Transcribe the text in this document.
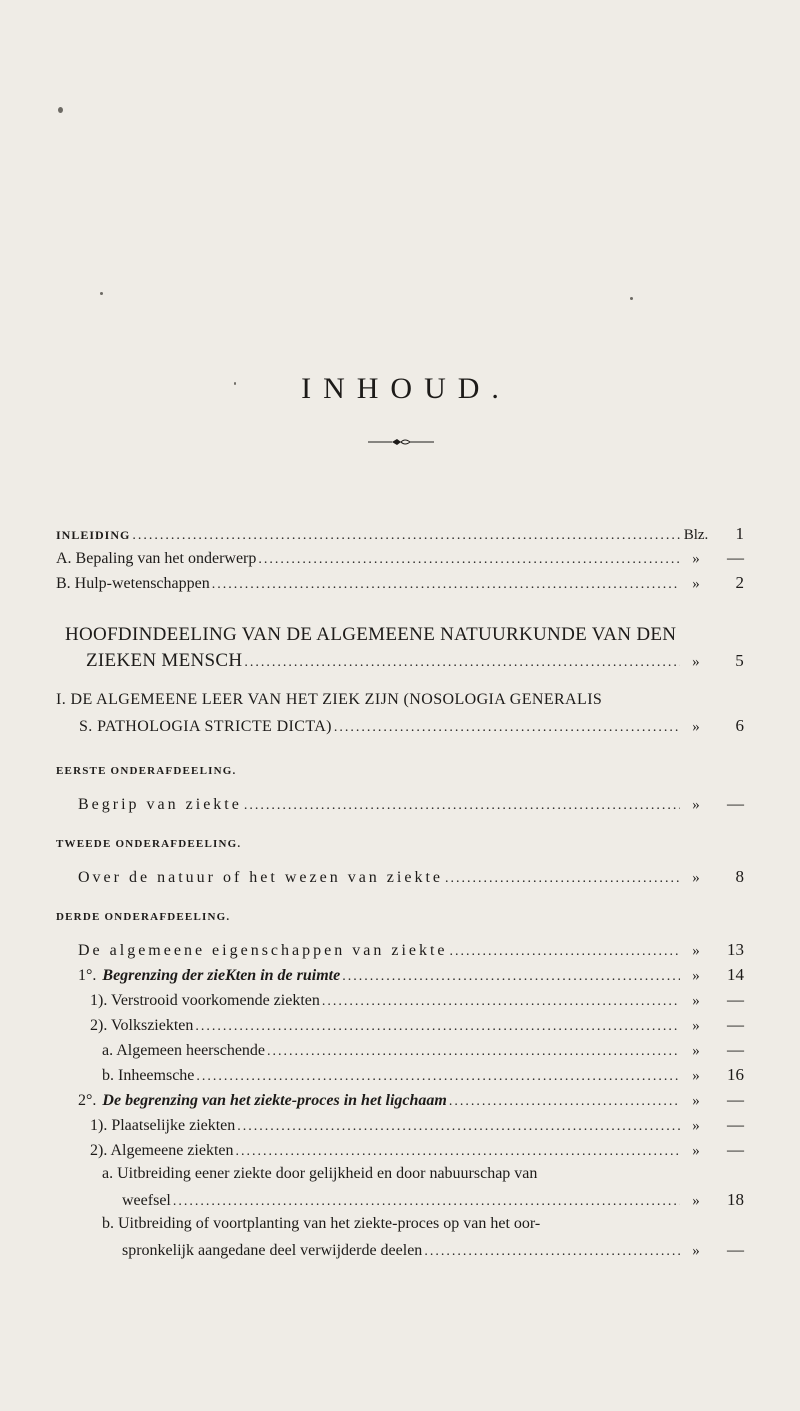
INHOUD.
INLEIDING .....	Blz.	1
A. Bepaling van het onderwerp .....	»	—
B. Hulp-wetenschappen .....	»	2
HOOFDINDEELING VAN DE ALGEMEENE NATUURKUNDE VAN DEN
ZIEKEN MENSCH .....	»	5
I. DE ALGEMEENE LEER VAN HET ZIEK ZIJN (NOSOLOGIA GENERALIS
S. PATHOLOGIA STRICTE DICTA) .....	»	6
EERSTE ONDERAFDEELING.
Begrip van ziekte .....	»	—
TWEEDE ONDERAFDEELING.
Over de natuur of het wezen van ziekte .....	»	8
DERDE ONDERAFDEELING.
De algemeene eigenschappen van ziekte .....	»	13
1°. Begrenzing der zieKten in de ruimte .....	»	14
1). Verstrooid voorkomende ziekten .....	»	—
2). Volksziekten .....	»	—
a. Algemeen heerschende .....	»	—
b. Inheemsche .....	»	16
2°. De begrenzing van het ziekte-proces in het ligchaam .....	»	—
1). Plaatselijke ziekten .....	»	—
2). Algemeene ziekten .....	»	—
a. Uitbreiding eener ziekte door gelijkheid en door nabuurschap van
weefsel .....	»	18
b. Uitbreiding of voortplanting van het ziekte-proces op van het oor-
spronkelijk aangedane deel verwijderde deelen .....	»	—
